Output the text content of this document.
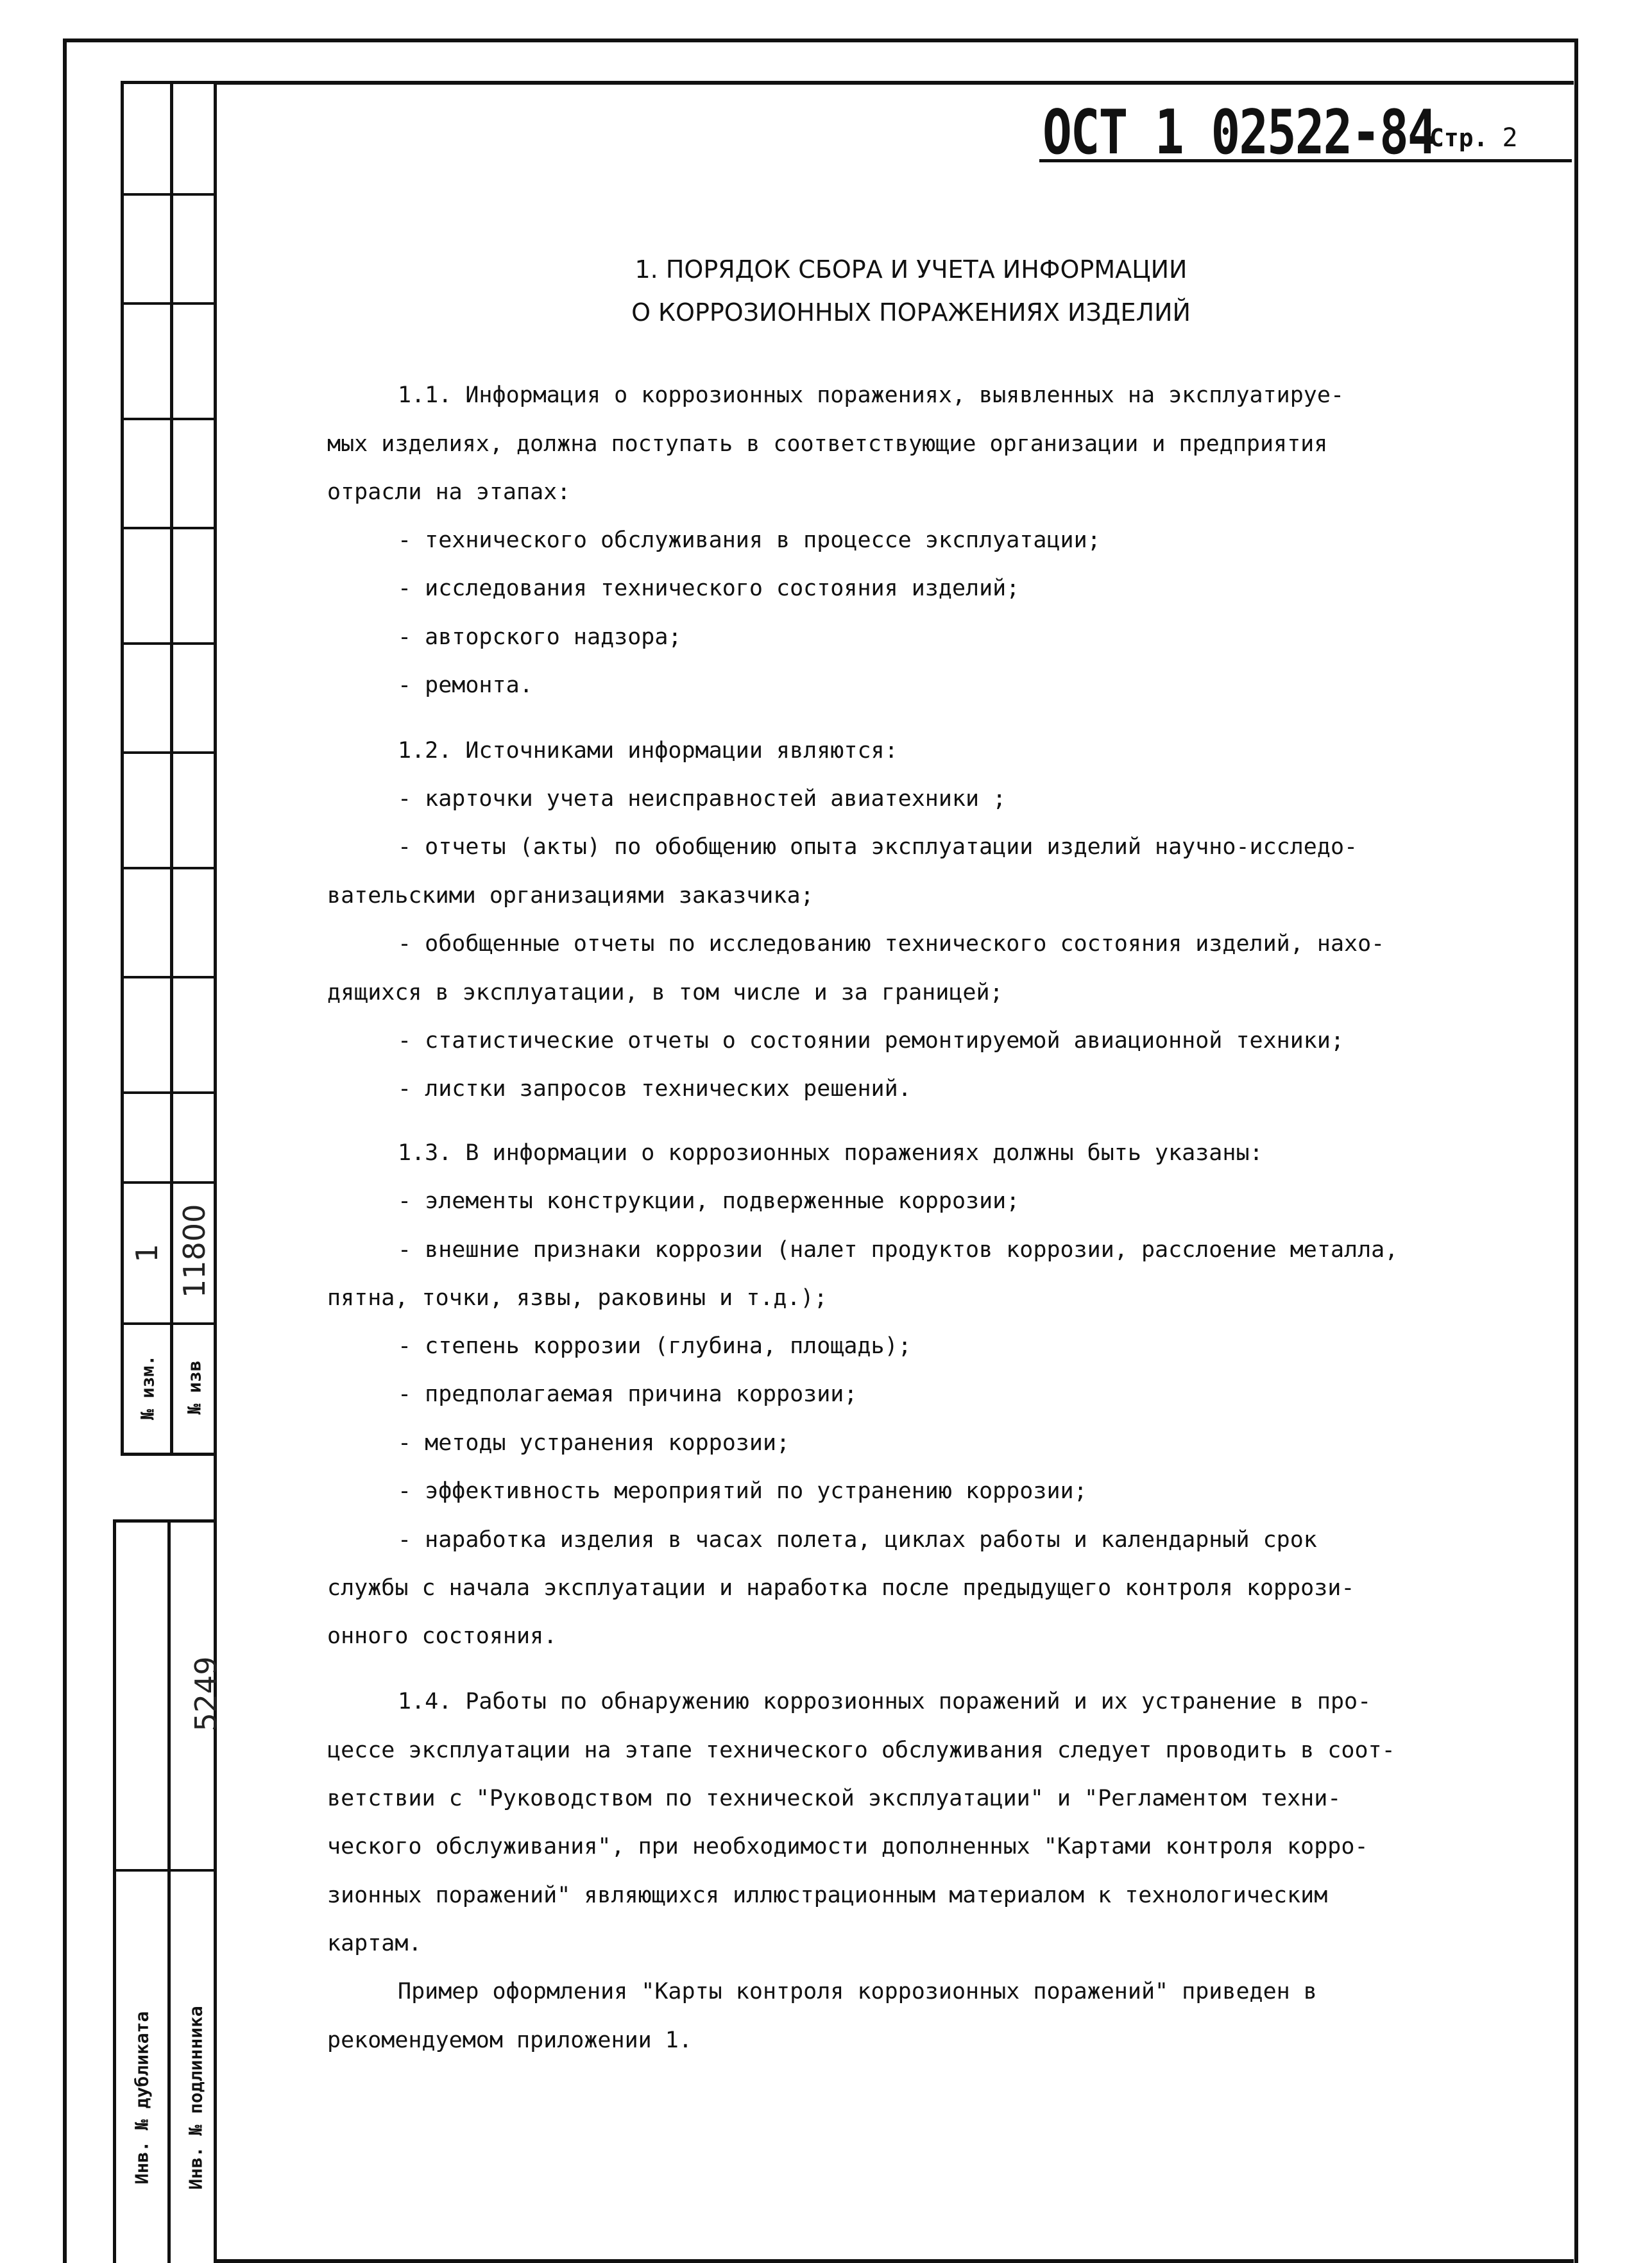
1 11800
№ изм. № изв
5249
Инв. № дубликата Инв. № подлинника
ОСТ 1 02522-84
Стр. 2
1. ПОРЯДОК СБОРА И УЧЕТА ИНФОРМАЦИИ
О КОРРОЗИОННЫХ ПОРАЖЕНИЯХ ИЗДЕЛИЙ
1.1. Информация о коррозионных поражениях, выявленных на эксплуатируе-
мых изделиях, должна поступать в соответствующие организации и предприятия
отрасли на этапах:
- технического обслуживания в процессе эксплуатации;
- исследования технического состояния изделий;
- авторского надзора;
- ремонта.
1.2. Источниками информации являются:
- карточки учета неисправностей авиатехники ;
- отчеты (акты) по обобщению опыта эксплуатации изделий научно-исследо-
вательскими организациями заказчика;
- обобщенные отчеты по исследованию технического состояния изделий, нахо-
дящихся в эксплуатации, в том числе и за границей;
- статистические отчеты о состоянии ремонтируемой авиационной техники;
- листки запросов технических решений.
1.3. В информации о коррозионных поражениях должны быть указаны:
- элементы конструкции, подверженные коррозии;
- внешние признаки коррозии (налет продуктов коррозии, расслоение металла,
пятна, точки, язвы, раковины и т.д.);
- степень коррозии (глубина, площадь);
- предполагаемая причина коррозии;
- методы устранения коррозии;
- эффективность мероприятий по устранению коррозии;
- наработка изделия в часах полета, циклах работы и календарный срок
службы с начала эксплуатации и наработка после предыдущего контроля коррози-
онного состояния.
1.4. Работы по обнаружению коррозионных поражений и их устранение в про-
цессе эксплуатации на этапе технического обслуживания следует проводить в соот-
ветствии с "Руководством по технической эксплуатации" и "Регламентом техни-
ческого обслуживания", при необходимости дополненных "Картами контроля корро-
зионных поражений" являющихся иллюстрационным материалом к технологическим
картам.
Пример оформления "Карты контроля коррозионных поражений" приведен в
рекомендуемом приложении 1.
